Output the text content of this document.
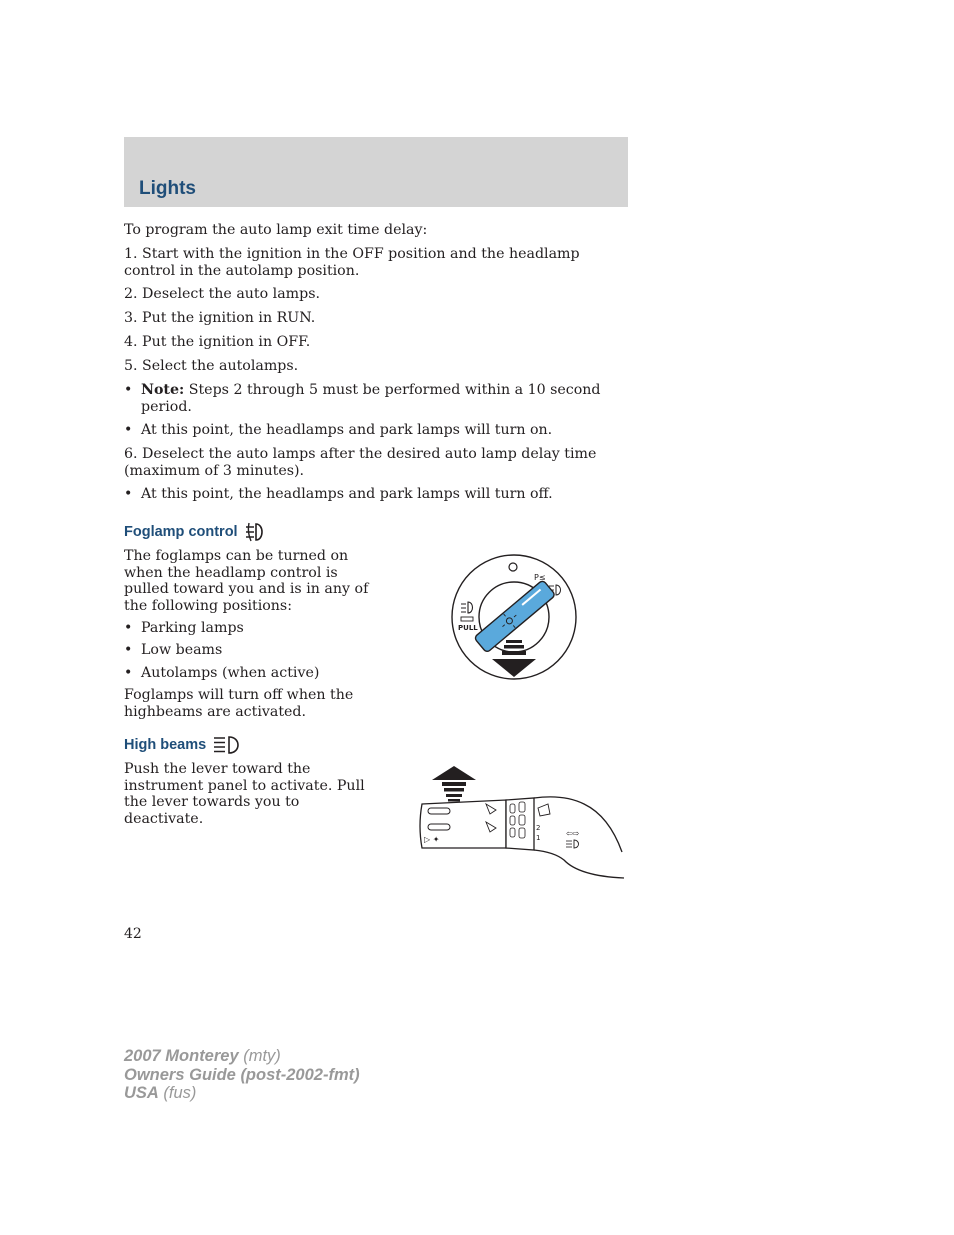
Lights
To program the auto lamp exit time delay:
1. Start with the ignition in the OFF position and the headlamp control in the autolamp position.
2. Deselect the auto lamps.
3. Put the ignition in RUN.
4. Put the ignition in OFF.
5. Select the autolamps.
• Note: Steps 2 through 5 must be performed within a 10 second period.
• At this point, the headlamps and park lamps will turn on.
6. Deselect the auto lamps after the desired auto lamp delay time (maximum of 3 minutes).
• At this point, the headlamps and park lamps will turn off.
Foglamp control
The foglamps can be turned on when the headlamp control is pulled toward you and is in any of the following positions:
• Parking lamps
• Low beams
• Autolamps (when active)
Foglamps will turn off when the highbeams are activated.
P≤
PULL
High beams
Push the lever toward the instrument panel to activate. Pull the lever towards you to deactivate.
▷ ✦
2
1	⇦⇨
42
2007 Monterey (mty)
Owners Guide (post-2002-fmt)
USA (fus)
